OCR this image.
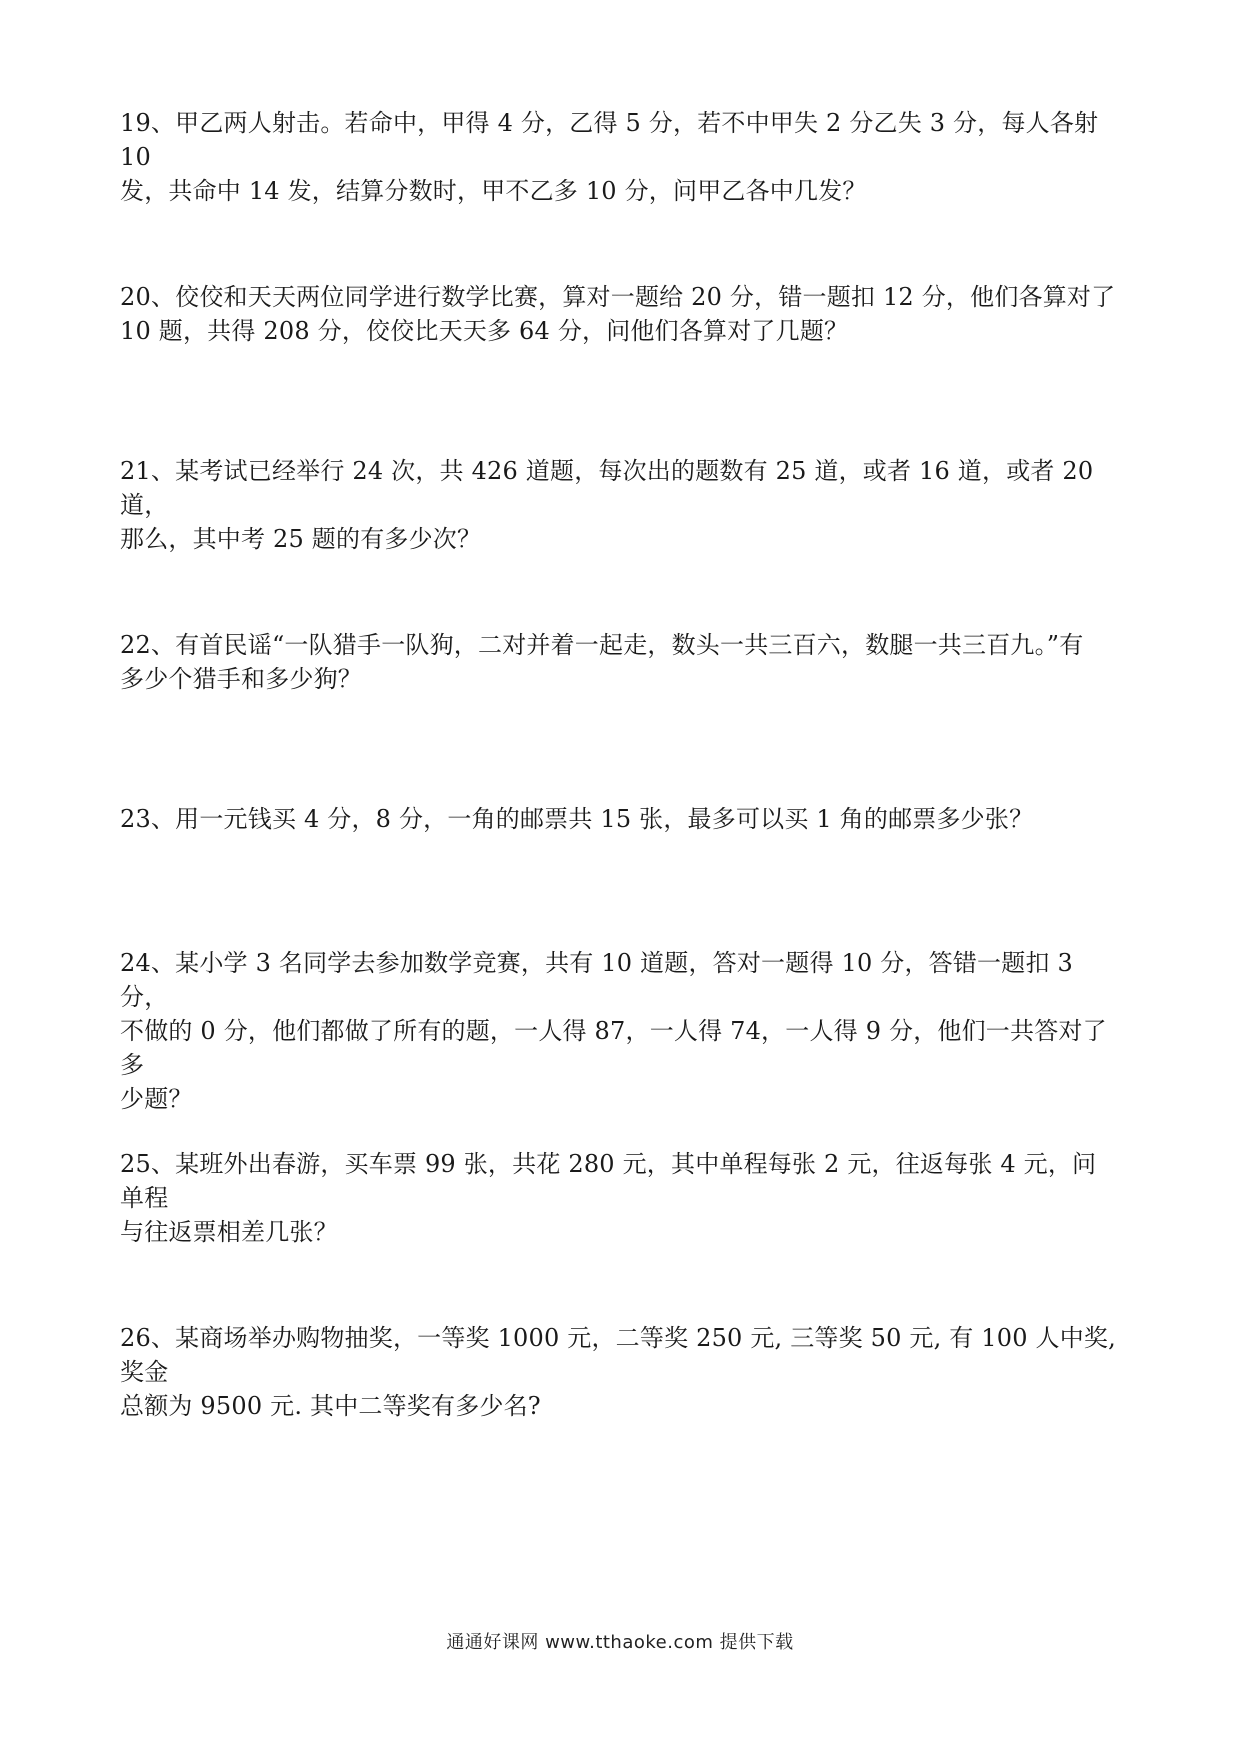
19、甲乙两人射击。若命中，甲得 4 分，乙得 5 分，若不中甲失 2 分乙失 3 分，每人各射 10
发，共命中 14 发，结算分数时，甲不乙多 10 分，问甲乙各中几发？
20、佼佼和天天两位同学进行数学比赛，算对一题给 20 分，错一题扣 12 分，他们各算对了
10 题，共得 208 分，佼佼比天天多 64 分，问他们各算对了几题？
21、某考试已经举行 24 次，共 426 道题，每次出的题数有 25 道，或者 16 道，或者 20 道，
那么，其中考 25 题的有多少次？
22、有首民谣“一队猎手一队狗，二对并着一起走，数头一共三百六，数腿一共三百九。”有
多少个猎手和多少狗？
23、用一元钱买 4 分，8 分，一角的邮票共 15 张，最多可以买 1 角的邮票多少张？
24、某小学 3 名同学去参加数学竞赛，共有 10 道题，答对一题得 10 分，答错一题扣 3 分，
不做的 0 分，他们都做了所有的题，一人得 87，一人得 74，一人得 9 分，他们一共答对了多
少题？
25、某班外出春游，买车票 99 张，共花 280 元，其中单程每张 2 元，往返每张 4 元，问单程
与往返票相差几张？
26、某商场举办购物抽奖，一等奖 1000 元，二等奖 250 元, 三等奖 50 元, 有 100 人中奖, 奖金
总额为 9500 元. 其中二等奖有多少名?
通通好课网 www.tthaoke.com 提供下载
